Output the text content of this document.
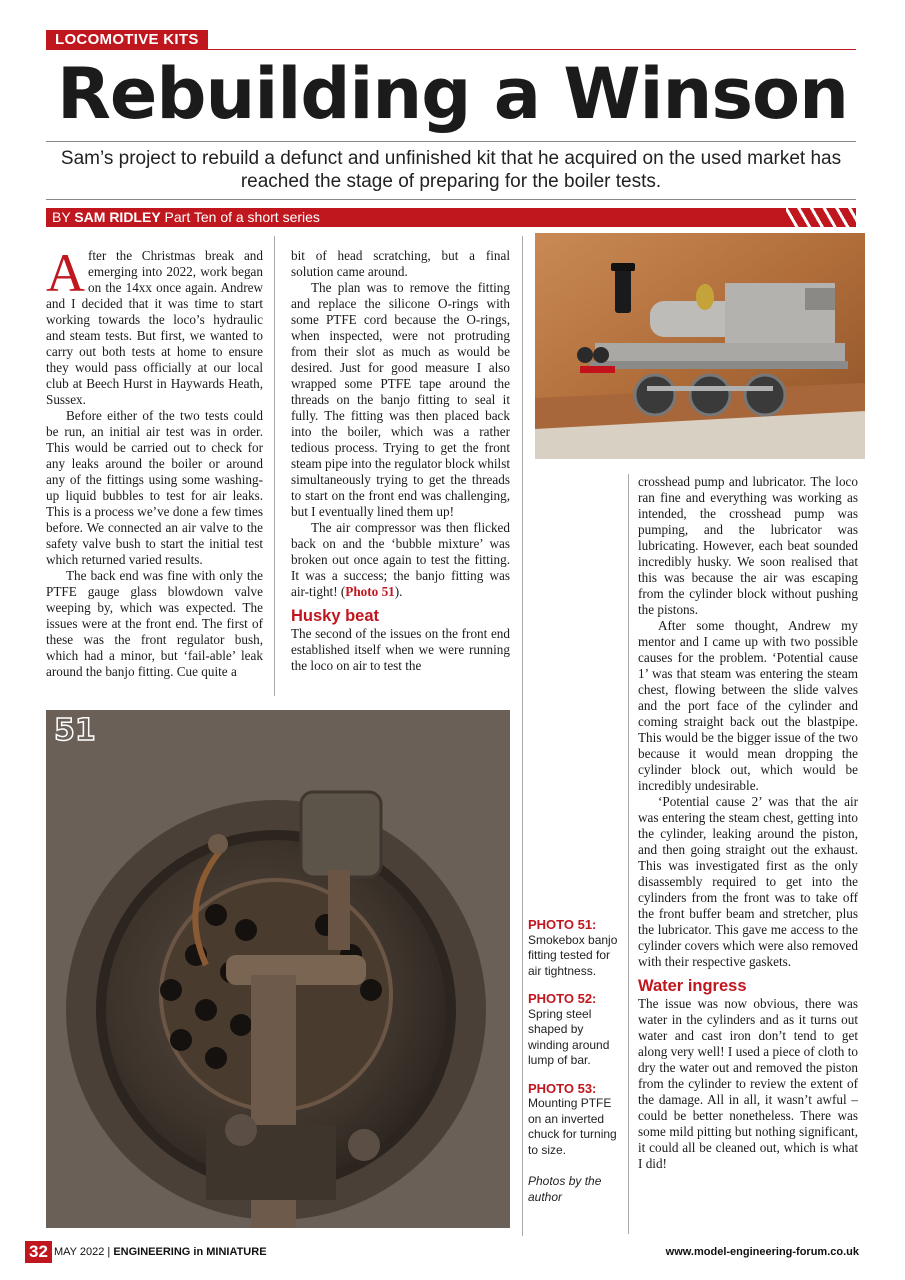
LOCOMOTIVE KITS
Rebuilding a Winson
Sam’s project to rebuild a defunct and unfinished kit that he acquired on the used market has reached the stage of preparing for the boiler tests.
BY SAM RIDLEY Part Ten of a short series

After the Christmas break and emerging into 2022, work began on the 14xx once again. Andrew and I decided that it was time to start working towards the loco’s hydraulic and steam tests. But first, we wanted to carry out both tests at home to ensure they would pass officially at our local club at Beech Hurst in Haywards Heath, Sussex.

Before either of the two tests could be run, an initial air test was in order. This would be carried out to check for any leaks around the boiler or around any of the fittings using some washing-up liquid bubbles to test for air leaks. This is a process we’ve done a few times before. We connected an air valve to the safety valve bush to start the initial test which returned varied results.

The back end was fine with only the PTFE gauge glass blowdown valve weeping by, which was expected. The issues were at the front end. The first of these was the front regulator bush, which had a minor, but ‘fail-able’ leak around the banjo fitting. Cue quite a

bit of head scratching, but a final solution came around.

The plan was to remove the fitting and replace the silicone O-rings with some PTFE cord because the O-rings, when inspected, were not protruding from their slot as much as would be desired. Just for good measure I also wrapped some PTFE tape around the threads on the banjo fitting to seal it fully. The fitting was then placed back into the boiler, which was a rather tedious process. Trying to get the front steam pipe into the regulator block whilst simultaneously trying to get the threads to start on the front end was challenging, but I eventually lined them up!

The air compressor was then flicked back on and the ‘bubble mixture’ was broken out once again to test the fitting. It was a success; the banjo fitting was air-tight! (Photo 51).

Husky beat

The second of the issues on the front end established itself when we were running the loco on air to test the

crosshead pump and lubricator. The loco ran fine and everything was working as intended, the crosshead pump was pumping, and the lubricator was lubricating. However, each beat sounded incredibly husky. We soon realised that this was because the air was escaping from the cylinder block without pushing the pistons.

After some thought, Andrew my mentor and I came up with two possible causes for the problem. ‘Potential cause 1’ was that steam was entering the steam chest, flowing between the slide valves and the port face of the cylinder and coming straight back out the blastpipe. This would be the bigger issue of the two because it would mean dropping the cylinder block out, which would be incredibly undesirable.

‘Potential cause 2’ was that the air was entering the steam chest, getting into the cylinder, leaking around the piston, and then going straight out the exhaust. This was investigated first as the only disassembly required to get into the cylinders from the front was to take off the front buffer beam and stretcher, plus the lubricator. This gave me access to the cylinder covers which were also removed with their respective gaskets.

Water ingress

The issue was now obvious, there was water in the cylinders and as it turns out water and cast iron don’t tend to get along very well! I used a piece of cloth to dry the water out and removed the piston from the cylinder to review the extent of the damage. All in all, it wasn’t awful – could be better nonetheless. There was some mild pitting but nothing significant, it could all be cleaned out, which is what I did!

51
PHOTO 51:
Smokebox banjo fitting tested for air tightness.
PHOTO 52:
Spring steel shaped by winding around lump of bar.
PHOTO 53:
Mounting PTFE on an inverted chuck for turning to size.
Photos by the author
32 MAY 2022 | ENGINEERING in MINIATURE	www.model-engineering-forum.co.uk
